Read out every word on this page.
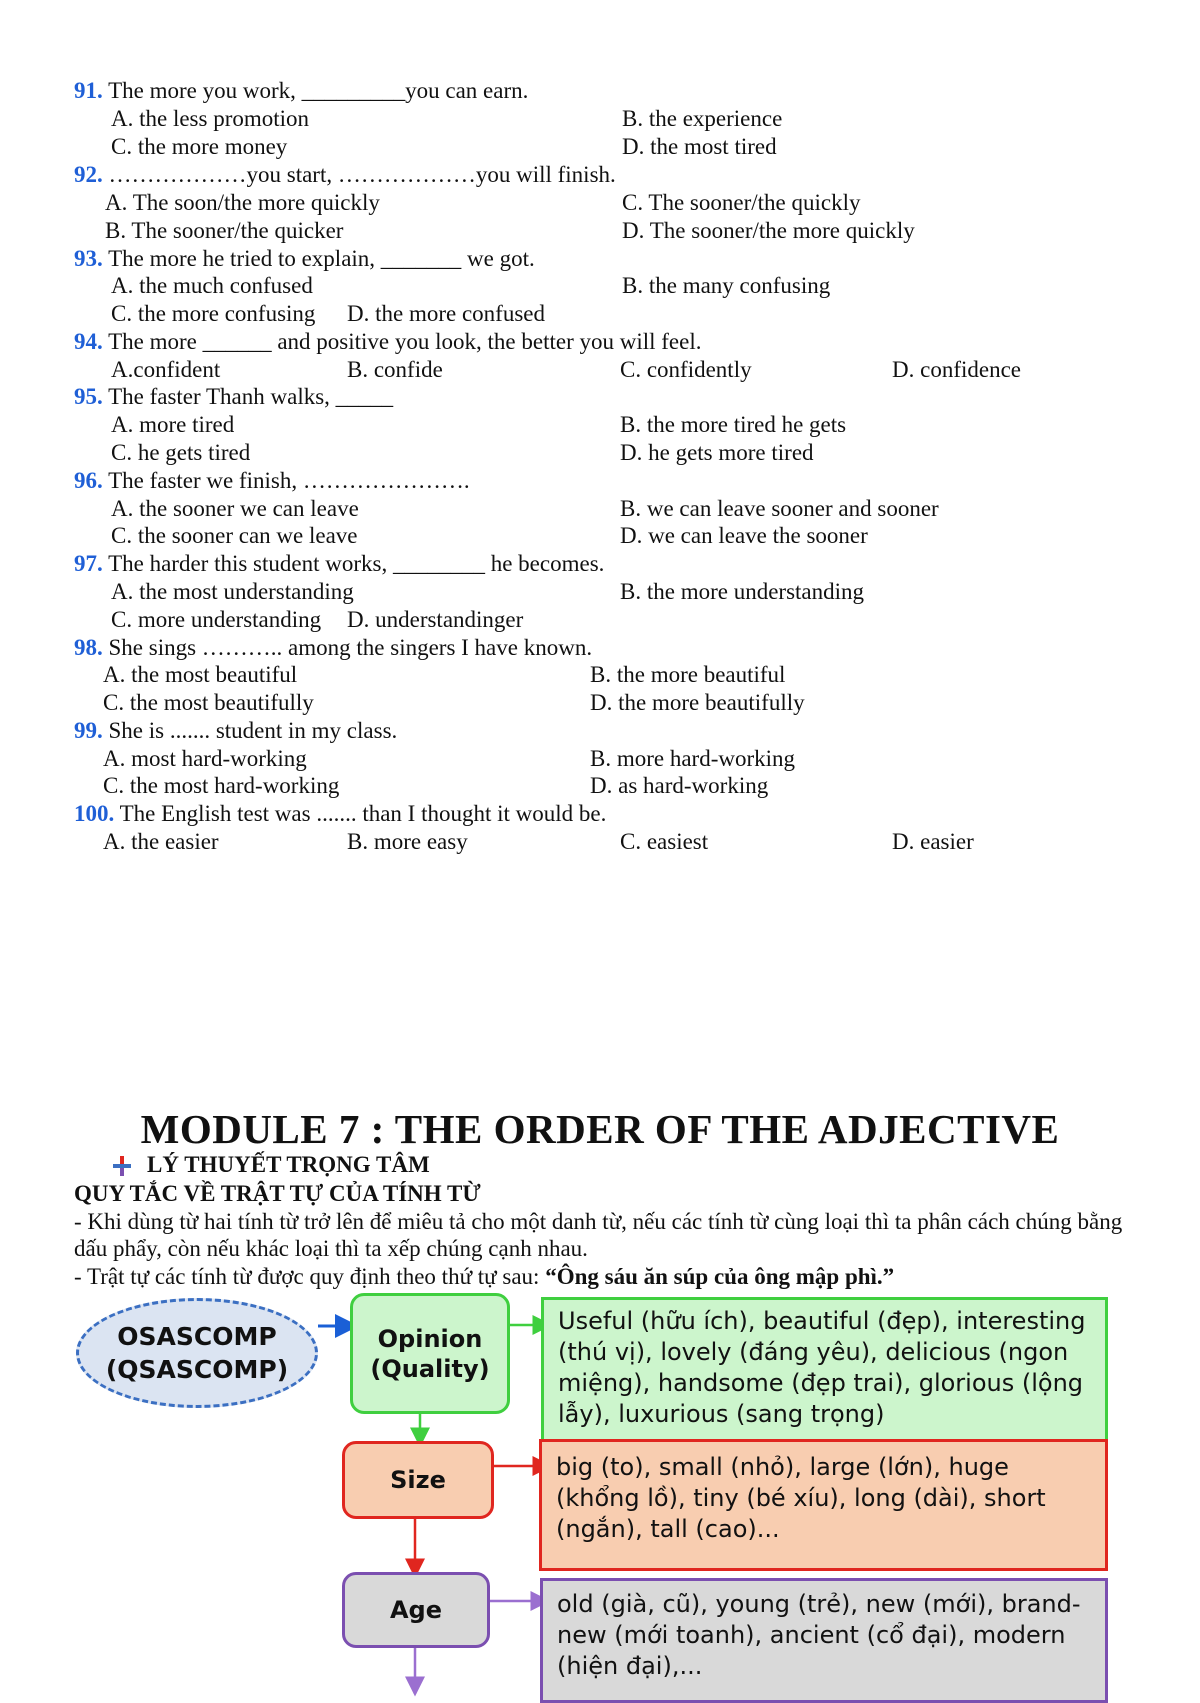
91. The more you work, _________you can earn.
A. the less promotion	B. the experience
C. the more money	D. the most tired
92. ………………you start, ………………you will finish.
A. The soon/the more quickly	C. The sooner/the quickly
B. The sooner/the quicker	D. The sooner/the more quickly
93. The more he tried to explain, _______ we got.
A. the much confused	B. the many confusing
C. the more confusing D. the more confused
94. The more ______ and positive you look, the better you will feel.
A.confident	B. confide	C. confidently	D. confidence
95. The faster Thanh walks, _____
A. more tired	B. the more tired he gets
C. he gets tired	D. he gets more tired
96. The faster we finish, ………………….
A. the sooner we can leave	B. we can leave sooner and sooner
C. the sooner can we leave	D. we can leave the sooner
97. The harder this student works, ________ he becomes.
A. the most understanding	B. the more understanding
C. more understanding D. understandinger
98. She sings ……….. among the singers I have known.
A. the most beautiful	B. the more beautiful
C. the most beautifully	D. the more beautifully
99. She is ....... student in my class.
A. most hard-working	B. more hard-working
C. the most hard-working	D. as hard-working
100. The English test was ....... than I thought it would be.
A. the easier	B. more easy	C. easiest	D. easier
MODULE 7 : THE ORDER OF THE ADJECTIVE
LÝ THUYẾT TRỌNG TÂM
QUY TẮC VỀ TRẬT TỰ CỦA TÍNH TỪ
- Khi dùng từ hai tính từ trở lên để miêu tả cho một danh từ, nếu các tính từ cùng loại thì ta phân cách chúng bằng dấu phẩy, còn nếu khác loại thì ta xếp chúng cạnh nhau.
- Trật tự các tính từ được quy định theo thứ tự sau: “Ông sáu ăn súp của ông mập phì.”
OSASCOMP
(QSASCOMP)
Opinion
(Quality)
Useful (hữu ích), beautiful (đẹp), interesting (thú vị), lovely (đáng yêu), delicious (ngon miệng), handsome (đẹp trai), glorious (lộng lẫy), luxurious (sang trọng)
Size	big (to), small (nhỏ), large (lớn), huge (khổng lồ), tiny (bé xíu), long (dài), short (ngắn), tall (cao)...
Age	old (già, cũ), young (trẻ), new (mới), brand-new (mới toanh), ancient (cổ đại), modern (hiện đại),...
